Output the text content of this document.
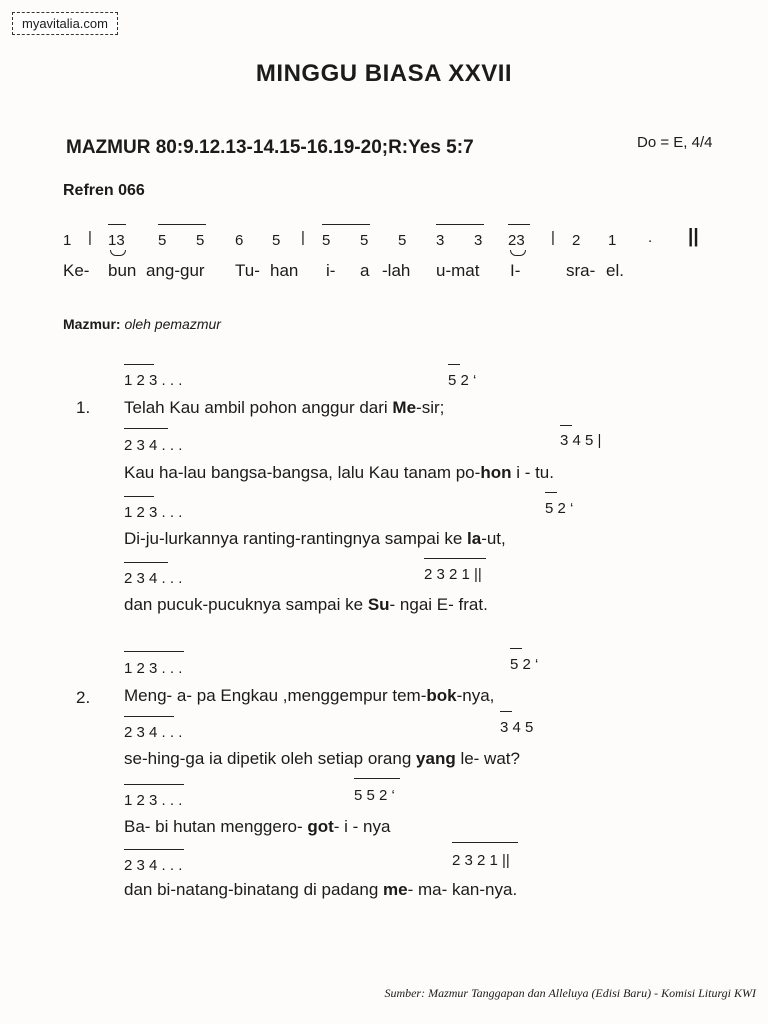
myavitalia.com
MINGGU BIASA XXVII
MAZMUR 80:9.12.13-14.15-16.19-20;R:Yes 5:7	Do = E, 4/4
Refren 066
1 | 13 5 5 6 5 | 5 5 5 3 3 23 | 2 1 . ||
Ke- bun ang-gur Tu- han i- a -lah u-mat I-	sra- el.
Mazmur: oleh pemazmur
1.
1 2 3 . . .	5 2 ‘
Telah Kau ambil pohon anggur dari Me-sir;
2 3 4 . . .	3 4 5 |
Kau ha-lau bangsa-bangsa, lalu Kau tanam po-hon i - tu.
1 2 3 . . .	5 2 ‘
Di-ju-lurkannya ranting-rantingnya sampai ke la-ut,
2 3 4 . . .	2 3 2 1 ||
dan pucuk-pucuknya sampai ke Su- ngai E- frat.
2.
1 2 3 . . .	5 2 ‘
Meng- a- pa Engkau ,menggempur tem-bok-nya,
2 3 4 . . .	3 4 5
se-hing-ga ia dipetik oleh setiap orang yang le- wat?
1 2 3 . . .	5 5 2 ‘
Ba- bi hutan menggero- got- i - nya
2 3 4 . . .	2 3 2 1 ||
dan bi-natang-binatang di padang me- ma- kan-nya.
Sumber: Mazmur Tanggapan dan Alleluya (Edisi Baru) - Komisi Liturgi KWI
